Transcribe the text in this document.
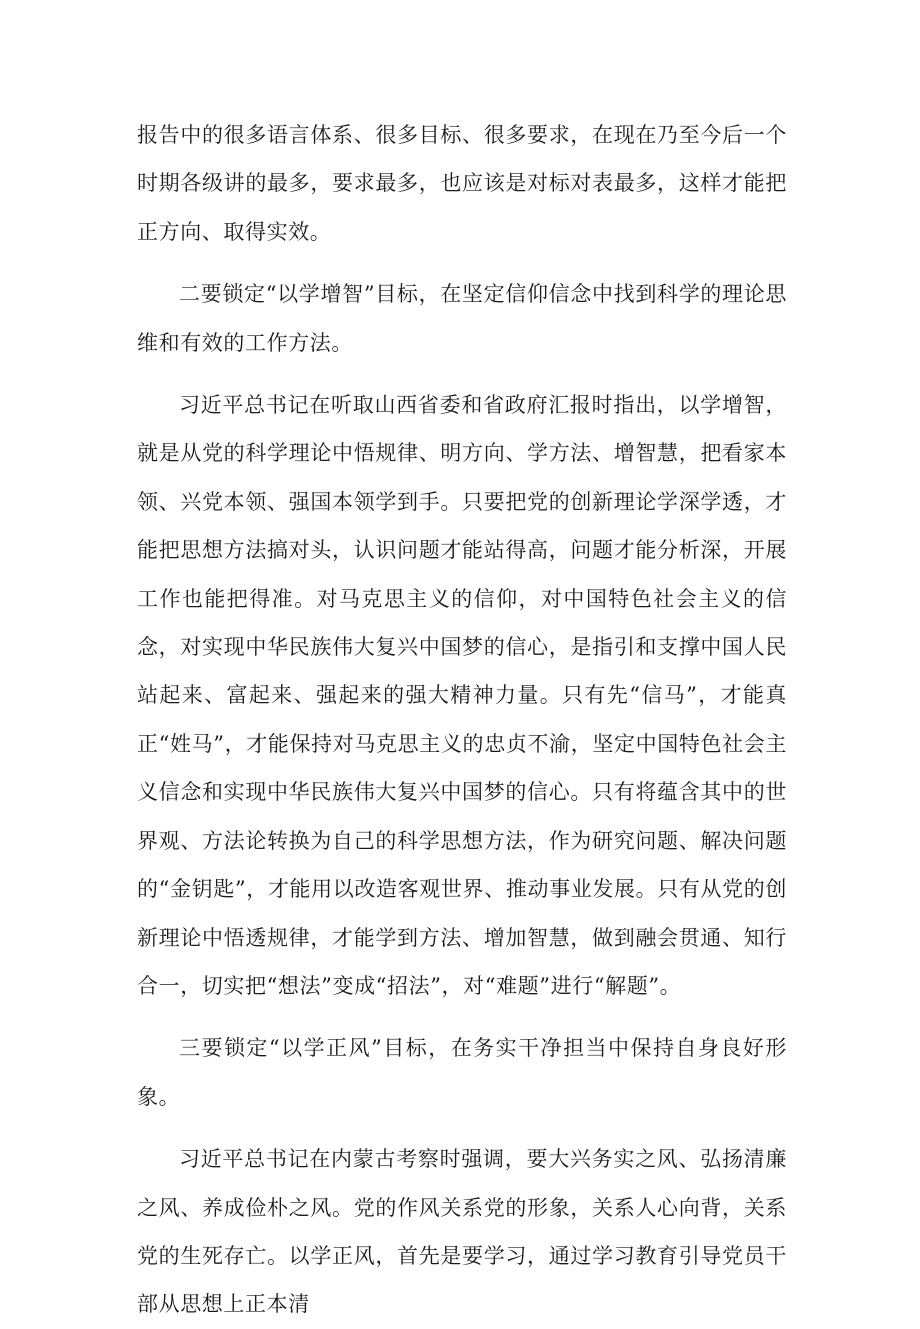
报告中的很多语言体系、很多目标、很多要求，在现在乃至今后一个时期各级讲的最多，要求最多，也应该是对标对表最多，这样才能把正方向、取得实效。

二要锁定“以学增智”目标，在坚定信仰信念中找到科学的理论思维和有效的工作方法。

习近平总书记在听取山西省委和省政府汇报时指出，以学增智，就是从党的科学理论中悟规律、明方向、学方法、增智慧，把看家本领、兴党本领、强国本领学到手。只要把党的创新理论学深学透，才能把思想方法搞对头，认识问题才能站得高，问题才能分析深，开展工作也能把得准。对马克思主义的信仰，对中国特色社会主义的信念，对实现中华民族伟大复兴中国梦的信心，是指引和支撑中国人民站起来、富起来、强起来的强大精神力量。只有先“信马”，才能真正“姓马”，才能保持对马克思主义的忠贞不渝，坚定中国特色社会主义信念和实现中华民族伟大复兴中国梦的信心。只有将蕴含其中的世界观、方法论转换为自己的科学思想方法，作为研究问题、解决问题的“金钥匙”，才能用以改造客观世界、推动事业发展。只有从党的创新理论中悟透规律，才能学到方法、增加智慧，做到融会贯通、知行合一，切实把“想法”变成“招法”，对“难题”进行“解题”。

三要锁定“以学正风”目标，在务实干净担当中保持自身良好形象。

习近平总书记在内蒙古考察时强调，要大兴务实之风、弘扬清廉之风、养成俭朴之风。党的作风关系党的形象，关系人心向背，关系党的生死存亡。以学正风，首先是要学习，通过学习教育引导党员干部从思想上正本清
